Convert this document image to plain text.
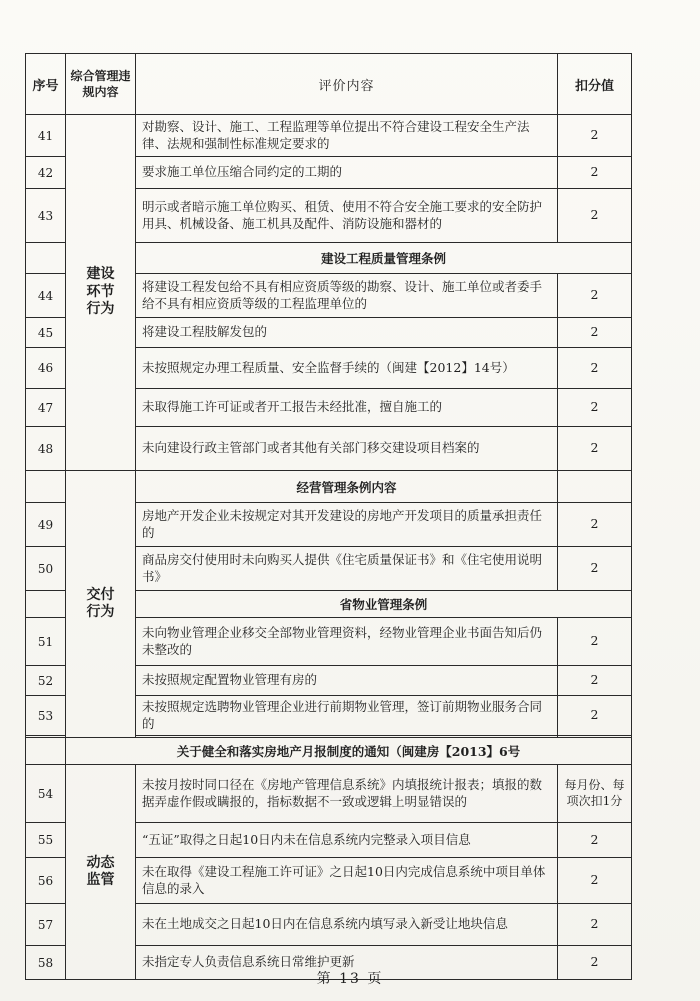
序号	综合管理违规内容	评价内容	扣分值
41	建设环节行为	对勘察、设计、施工、工程监理等单位提出不符合建设工程安全生产法律、法规和强制性标准规定要求的	2
42		要求施工单位压缩合同约定的工期的	2
43		明示或者暗示施工单位购买、租赁、使用不符合安全施工要求的安全防护用具、机械设备、施工机具及配件、消防设施和器材的	2
		建设工程质量管理条例	
44		将建设工程发包给不具有相应资质等级的勘察、设计、施工单位或者委手给不具有相应资质等级的工程监理单位的	2
45		将建设工程肢解发包的	2
46		未按照规定办理工程质量、安全监督手续的（闽建【2012】14号）	2
47		未取得施工许可证或者开工报告未经批准，擅自施工的	2
48		未向建设行政主管部门或者其他有关部门移交建设项目档案的	2

	交付行为	经营管理条例内容	
49		房地产开发企业未按规定对其开发建设的房地产开发项目的质量承担责任的	2
50		商品房交付使用时未向购买人提供《住宅质量保证书》和《住宅使用说明书》	2
		省物业管理条例	
51		未向物业管理企业移交全部物业管理资料，经物业管理企业书面告知后仍未整改的	2
52		未按照规定配置物业管理有房的	2
53		未按照规定选聘物业管理企业进行前期物业管理，签订前期物业服务合同的	2

	关于健全和落实房地产月报制度的通知（闽建房【2013】6号		
54	动态监管	未按月按时同口径在《房地产管理信息系统》内填报统计报表；填报的数据弄虚作假或瞒报的，指标数据不一致或逻辑上明显错误的	每月份、每项次扣1分
55		“五证”取得之日起10日内未在信息系统内完整录入项目信息	2
56		未在取得《建设工程施工许可证》之日起10日内完成信息系统中项目单体信息的录入	2
57		未在土地成交之日起10日内在信息系统内填写录入新受让地块信息	2
58		未指定专人负责信息系统日常维护更新	2
第 13 页
